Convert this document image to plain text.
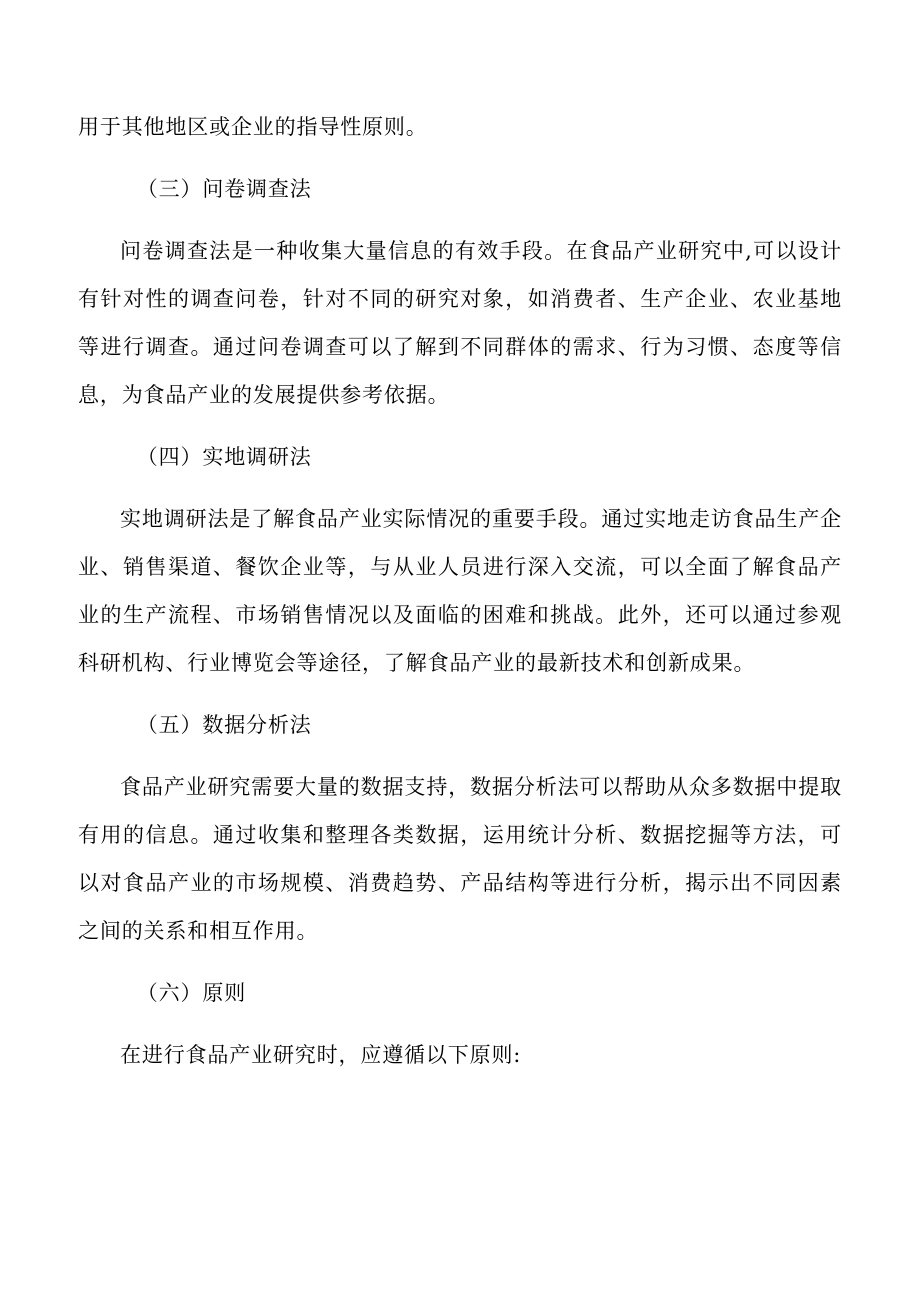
用于其他地区或企业的指导性原则。

（三）问卷调查法

问卷调查法是一种收集大量信息的有效手段。在食品产业研究中,可以设计有针对性的调查问卷，针对不同的研究对象，如消费者、生产企业、农业基地等进行调查。通过问卷调查可以了解到不同群体的需求、行为习惯、态度等信息，为食品产业的发展提供参考依据。

（四）实地调研法

实地调研法是了解食品产业实际情况的重要手段。通过实地走访食品生产企业、销售渠道、餐饮企业等，与从业人员进行深入交流，可以全面了解食品产业的生产流程、市场销售情况以及面临的困难和挑战。此外，还可以通过参观科研机构、行业博览会等途径，了解食品产业的最新技术和创新成果。

（五）数据分析法

食品产业研究需要大量的数据支持，数据分析法可以帮助从众多数据中提取有用的信息。通过收集和整理各类数据，运用统计分析、数据挖掘等方法，可以对食品产业的市场规模、消费趋势、产品结构等进行分析，揭示出不同因素之间的关系和相互作用。

（六）原则

在进行食品产业研究时，应遵循以下原则:
